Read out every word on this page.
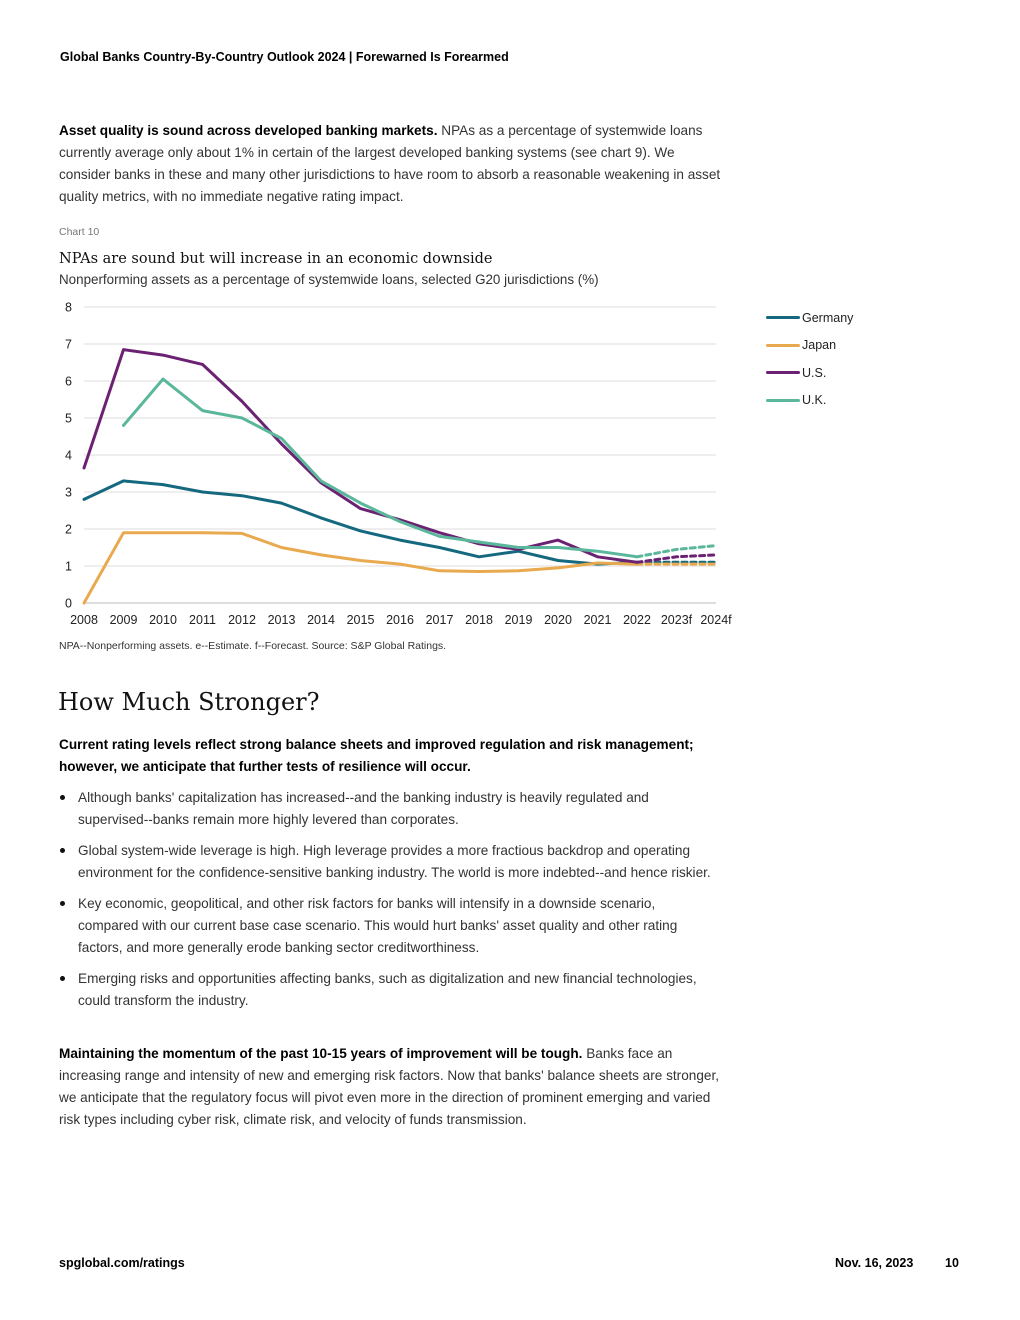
Global Banks Country-By-Country Outlook 2024 | Forewarned Is Forearmed

Asset quality is sound across developed banking markets. NPAs as a percentage of systemwide loans currently average only about 1% in certain of the largest developed banking systems (see chart 9). We consider banks in these and many other jurisdictions to have room to absorb a reasonable weakening in asset quality metrics, with no immediate negative rating impact.

Chart 10
NPAs are sound but will increase in an economic downside
Nonperforming assets as a percentage of systemwide loans, selected G20 jurisdictions (%)
0
1
2
3
4
5
6
7
8
2008 2009 2010 2011 2012 2013 2014 2015 2016 2017 2018 2019 2020 2021 2022 2023f 2024f
Germany
Japan
U.S.
U.K.
NPA--Nonperforming assets. e--Estimate. f--Forecast. Source: S&P Global Ratings.
How Much Stronger?
Current rating levels reflect strong balance sheets and improved regulation and risk management; however, we anticipate that further tests of resilience will occur.
Although banks' capitalization has increased--and the banking industry is heavily regulated and supervised--banks remain more highly levered than corporates.
Global system-wide leverage is high. High leverage provides a more fractious backdrop and operating environment for the confidence-sensitive banking industry. The world is more indebted--and hence riskier.
Key economic, geopolitical, and other risk factors for banks will intensify in a downside scenario, compared with our current base case scenario. This would hurt banks' asset quality and other rating factors, and more generally erode banking sector creditworthiness.
Emerging risks and opportunities affecting banks, such as digitalization and new financial technologies, could transform the industry.

Maintaining the momentum of the past 10-15 years of improvement will be tough. Banks face an increasing range and intensity of new and emerging risk factors. Now that banks' balance sheets are stronger, we anticipate that the regulatory focus will pivot even more in the direction of prominent emerging and varied risk types including cyber risk, climate risk, and velocity of funds transmission.

spglobal.com/ratings	Nov. 16, 2023	10
